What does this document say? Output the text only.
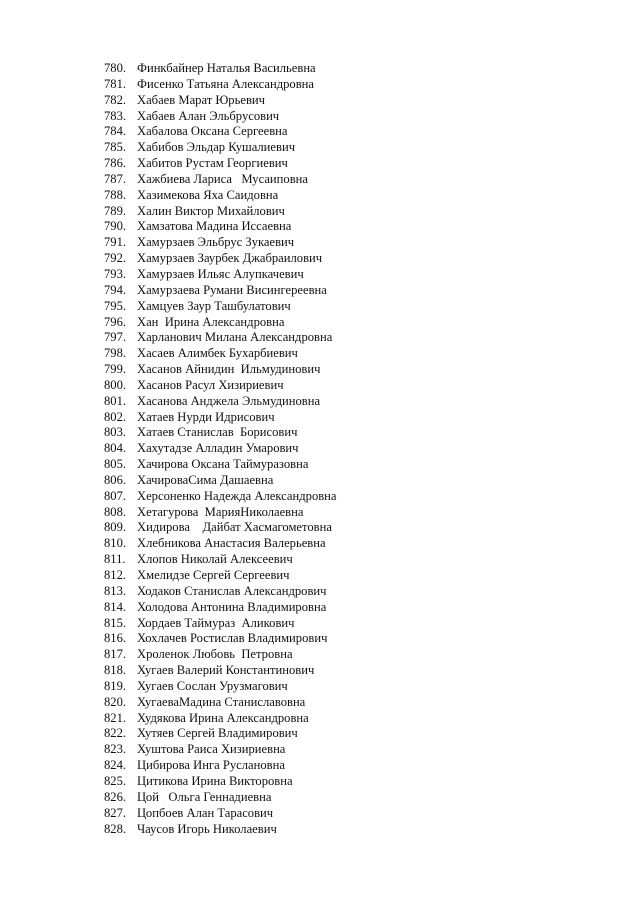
780. Финкбайнер Наталья Васильевна
781. Фисенко Татьяна Александровна
782. Хабаев Марат Юрьевич
783. Хабаев Алан Эльбрусович
784. Хабалова Оксана Сергеевна
785. Хабибов Эльдар Кушалиевич
786. Хабитов Рустам Георгиевич
787. Хажбиева Лариса   Мусаиповна
788. Хазимекова Яха Саидовна
789. Халин Виктор Михайлович
790. Хамзатова Мадина Иссаевна
791. Хамурзаев Эльбрус Зукаевич
792. Хамурзаев Заурбек Джабраилович
793. Хамурзаев Ильяс Алупкачевич
794. Хамурзаева Румани Висингереевна
795. Хамцуев Заур Ташбулатович
796. Хан  Ирина Александровна
797. Харланович Милана Александровна
798. Хасаев Алимбек Бухарбиевич
799. Хасанов Айнидин  Ильмудинович
800. Хасанов Расул Хизириевич
801. Хасанова Анджела Эльмудиновна
802. Хатаев Нурди Идрисович
803. Хатаев Станислав  Борисович
804. Хахутадзе Алладин Умарович
805. Хачирова Оксана Таймуразовна
806. ХачироваСима Дашаевна
807. Херсоненко Надежда Александровна
808. Хетагурова  МарияНиколаевна
809. Хидирова    Дайбат Хасмагометовна
810. Хлебникова Анастасия Валерьевна
811. Хлопов Николай Алексеевич
812. Хмелидзе Сергей Сергеевич
813. Ходаков Станислав Александрович
814. Холодова Антонина Владимировна
815. Хордаев Таймураз  Аликович
816. Хохлачев Ростислав Владимирович
817. Хроленок Любовь  Петровна
818. Хугаев Валерий Константинович
819. Хугаев Сослан Урузмагович
820. ХугаеваМадина Станиславовна
821. Худякова Ирина Александровна
822. Хутяев Сергей Владимирович
823. Хуштова Раиса Хизириевна
824. Цибирова Инга Руслановна
825. Цитикова Ирина Викторовна
826. Цой   Ольга Геннадиевна
827. Цопбоев Алан Тарасович
828. Чаусов Игорь Николаевич
